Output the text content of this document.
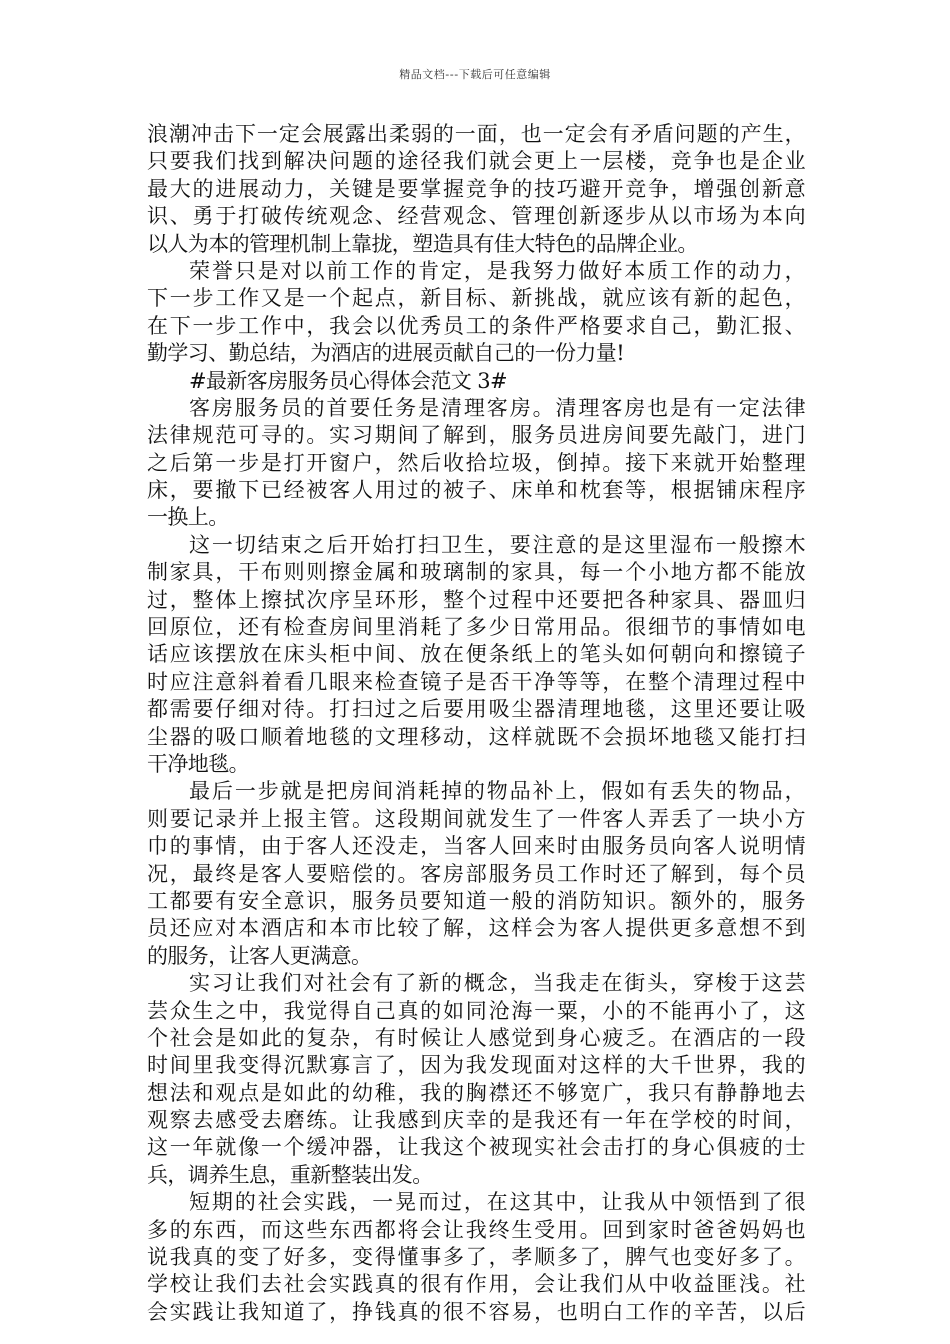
精品文档---下载后可任意编辑
浪潮冲击下一定会展露出柔弱的一面，也一定会有矛盾问题的产生，
只要我们找到解决问题的途径我们就会更上一层楼，竞争也是企业
最大的进展动力，关键是要掌握竞争的技巧避开竞争，增强创新意
识、勇于打破传统观念、经营观念、管理创新逐步从以市场为本向
以人为本的管理机制上靠拢，塑造具有佳大特色的品牌企业。
荣誉只是对以前工作的肯定，是我努力做好本质工作的动力，
下一步工作又是一个起点，新目标、新挑战，就应该有新的起色，
在下一步工作中，我会以优秀员工的条件严格要求自己，勤汇报、
勤学习、勤总结，为酒店的进展贡献自己的一份力量!
#最新客房服务员心得体会范文 3#
客房服务员的首要任务是清理客房。清理客房也是有一定法律
法律规范可寻的。实习期间了解到，服务员进房间要先敲门，进门
之后第一步是打开窗户，然后收拾垃圾，倒掉。接下来就开始整理
床，要撤下已经被客人用过的被子、床单和枕套等，根据铺床程序
一换上。
这一切结束之后开始打扫卫生，要注意的是这里湿布一般擦木
制家具，干布则则擦金属和玻璃制的家具，每一个小地方都不能放
过，整体上擦拭次序呈环形，整个过程中还要把各种家具、器皿归
回原位，还有检查房间里消耗了多少日常用品。很细节的事情如电
话应该摆放在床头柜中间、放在便条纸上的笔头如何朝向和擦镜子
时应注意斜着看几眼来检查镜子是否干净等等，在整个清理过程中
都需要仔细对待。打扫过之后要用吸尘器清理地毯，这里还要让吸
尘器的吸口顺着地毯的文理移动，这样就既不会损坏地毯又能打扫
干净地毯。
最后一步就是把房间消耗掉的物品补上，假如有丢失的物品，
则要记录并上报主管。这段期间就发生了一件客人弄丢了一块小方
巾的事情，由于客人还没走，当客人回来时由服务员向客人说明情
况，最终是客人要赔偿的。客房部服务员工作时还了解到，每个员
工都要有安全意识，服务员要知道一般的消防知识。额外的，服务
员还应对本酒店和本市比较了解，这样会为客人提供更多意想不到
的服务，让客人更满意。
实习让我们对社会有了新的概念，当我走在街头，穿梭于这芸
芸众生之中，我觉得自己真的如同沧海一粟，小的不能再小了，这
个社会是如此的复杂，有时候让人感觉到身心疲乏。在酒店的一段
时间里我变得沉默寡言了，因为我发现面对这样的大千世界，我的
想法和观点是如此的幼稚，我的胸襟还不够宽广，我只有静静地去
观察去感受去磨练。让我感到庆幸的是我还有一年在学校的时间，
这一年就像一个缓冲器，让我这个被现实社会击打的身心俱疲的士
兵，调养生息，重新整装出发。
短期的社会实践，一晃而过，在这其中，让我从中领悟到了很
多的东西，而这些东西都将会让我终生受用。回到家时爸爸妈妈也
说我真的变了好多，变得懂事多了，孝顺多了，脾气也变好多了。
学校让我们去社会实践真的很有作用，会让我们从中收益匪浅。社
会实践让我知道了，挣钱真的很不容易，也明白工作的辛苦，以后
